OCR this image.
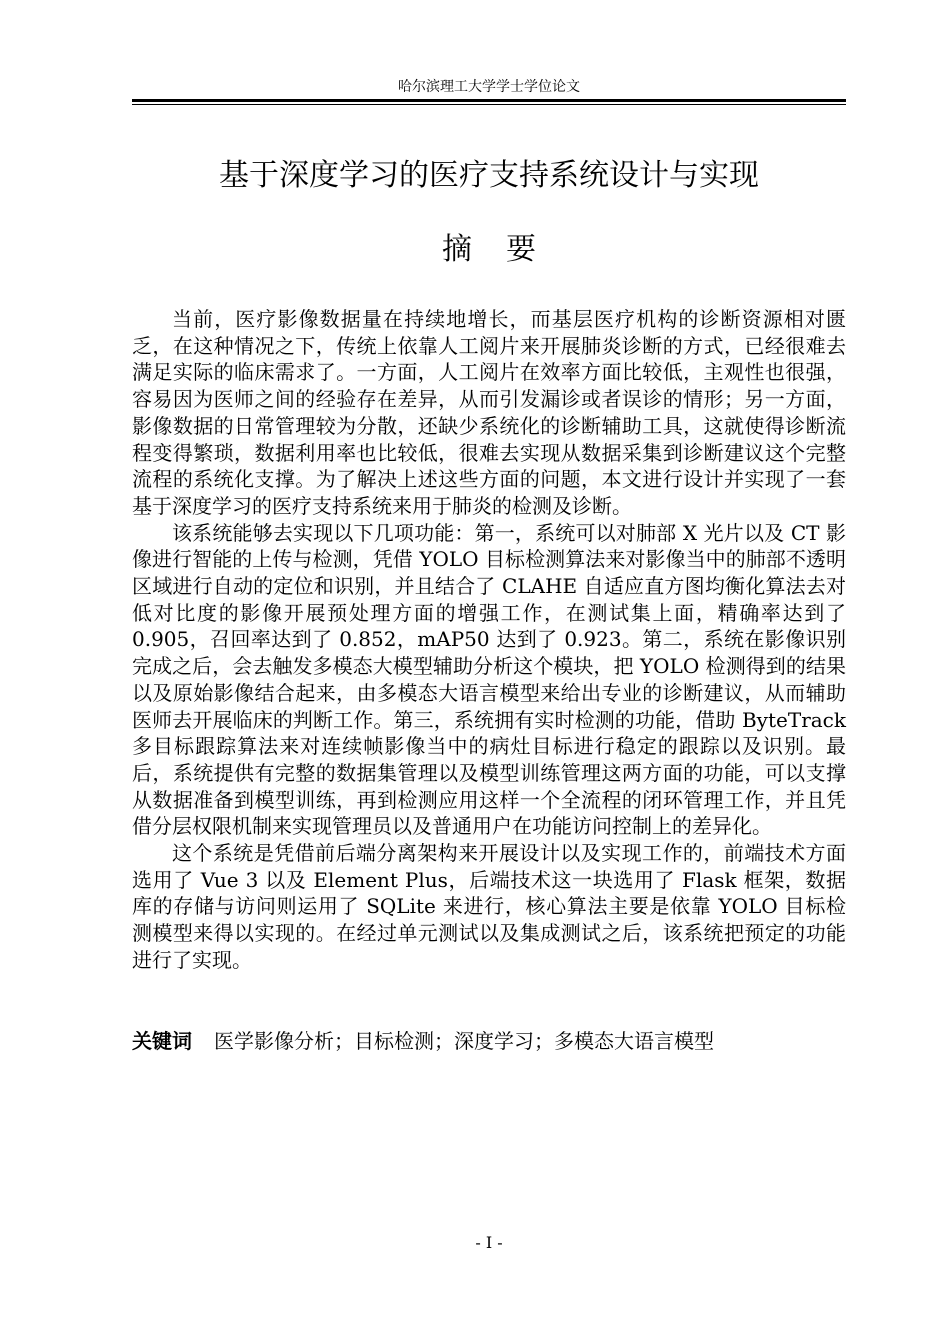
哈尔滨理工大学学士学位论文
基于深度学习的医疗支持系统设计与实现
摘要

当前，医疗影像数据量在持续地增长，而基层医疗机构的诊断资源相对匮乏，在这种情况之下，传统上依靠人工阅片来开展肺炎诊断的方式，已经很难去满足实际的临床需求了。一方面，人工阅片在效率方面比较低，主观性也很强，容易因为医师之间的经验存在差异，从而引发漏诊或者误诊的情形；另一方面，影像数据的日常管理较为分散，还缺少系统化的诊断辅助工具，这就使得诊断流程变得繁琐，数据利用率也比较低，很难去实现从数据采集到诊断建议这个完整流程的系统化支撑。为了解决上述这些方面的问题，本文进行设计并实现了一套基于深度学习的医疗支持系统来用于肺炎的检测及诊断。

该系统能够去实现以下几项功能：第一，系统可以对肺部 X 光片以及 CT 影像进行智能的上传与检测，凭借 YOLO 目标检测算法来对影像当中的肺部不透明区域进行自动的定位和识别，并且结合了 CLAHE 自适应直方图均衡化算法去对低对比度的影像开展预处理方面的增强工作，在测试集上面，精确率达到了 0.905，召回率达到了 0.852，mAP50 达到了 0.923。第二，系统在影像识别完成之后，会去触发多模态大模型辅助分析这个模块，把 YOLO 检测得到的结果以及原始影像结合起来，由多模态大语言模型来给出专业的诊断建议，从而辅助医师去开展临床的判断工作。第三，系统拥有实时检测的功能，借助 ByteTrack 多目标跟踪算法来对连续帧影像当中的病灶目标进行稳定的跟踪以及识别。最后，系统提供有完整的数据集管理以及模型训练管理这两方面的功能，可以支撑从数据准备到模型训练，再到检测应用这样一个全流程的闭环管理工作，并且凭借分层权限机制来实现管理员以及普通用户在功能访问控制上的差异化。

这个系统是凭借前后端分离架构来开展设计以及实现工作的，前端技术方面选用了 Vue 3 以及 Element Plus，后端技术这一块选用了 Flask 框架，数据库的存储与访问则运用了 SQLite 来进行，核心算法主要是依靠 YOLO 目标检测模型来得以实现的。在经过单元测试以及集成测试之后，该系统把预定的功能进行了实现。

关键词 医学影像分析；目标检测；深度学习；多模态大语言模型
- I -
